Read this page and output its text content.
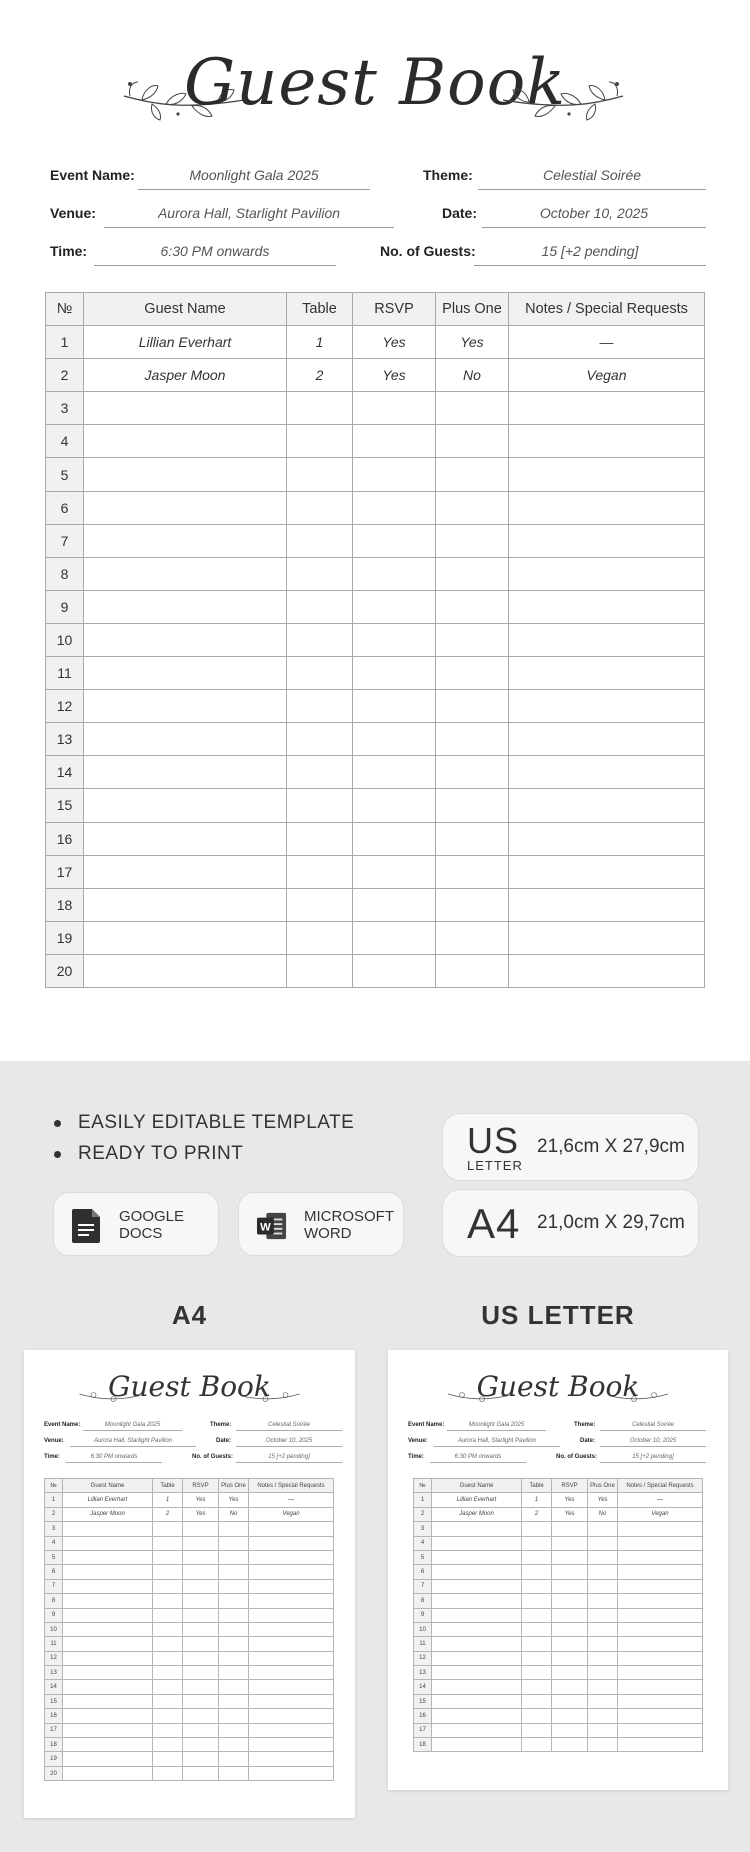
Guest Book
Event Name:	Moonlight Gala 2025	Theme:	Celestial Soirée
Venue:	Aurora Hall, Starlight Pavilion	Date:	October 10, 2025
Time:	6:30 PM onwards	No. of Guests:	15 [+2 pending]
№	Guest Name	Table	RSVP	Plus One	Notes / Special Requests
1	Lillian Everhart	1	Yes	Yes	—
2	Jasper Moon	2	Yes	No	Vegan
3					
4					
5					
6					
7					
8					
9					
10					
11					
12					
13					
14					
15					
16					
17					
18					
19					
20					
EASILY EDITABLE TEMPLATE
READY TO PRINT
GOOGLE
DOCS	W
MICROSOFT
WORD
US
LETTER
21,6cm X 27,9cm
A4 21,0cm X 29,7cm
A4	US LETTER
Guest Book
Event Name:	Moonlight Gala 2025	Theme:	Celestial Soirée
Venue:	Aurora Hall, Starlight Pavilion	Date:	October 10, 2025
Time:	6:30 PM onwards	No. of Guests:	15 [+2 pending]
№	Guest Name	Table	RSVP	Plus One	Notes / Special Requests
1	Lillian Everhart	1	Yes	Yes	—
2	Jasper Moon	2	Yes	No	Vegan
3					
4					
5					
6					
7					
8					
9					
10					
11					
12					
13					
14					
15					
16					
17					
18					
19					
20					
Guest Book
Event Name:	Moonlight Gala 2025	Theme:	Celestial Soirée
Venue:	Aurora Hall, Starlight Pavilion	Date:	October 10, 2025
Time:	6:30 PM onwards	No. of Guests:	15 [+2 pending]
№	Guest Name	Table	RSVP	Plus One	Notes / Special Requests
1	Lillian Everhart	1	Yes	Yes	—
2	Jasper Moon	2	Yes	No	Vegan
3					
4					
5					
6					
7					
8					
9					
10					
11					
12					
13					
14					
15					
16					
17					
18					
